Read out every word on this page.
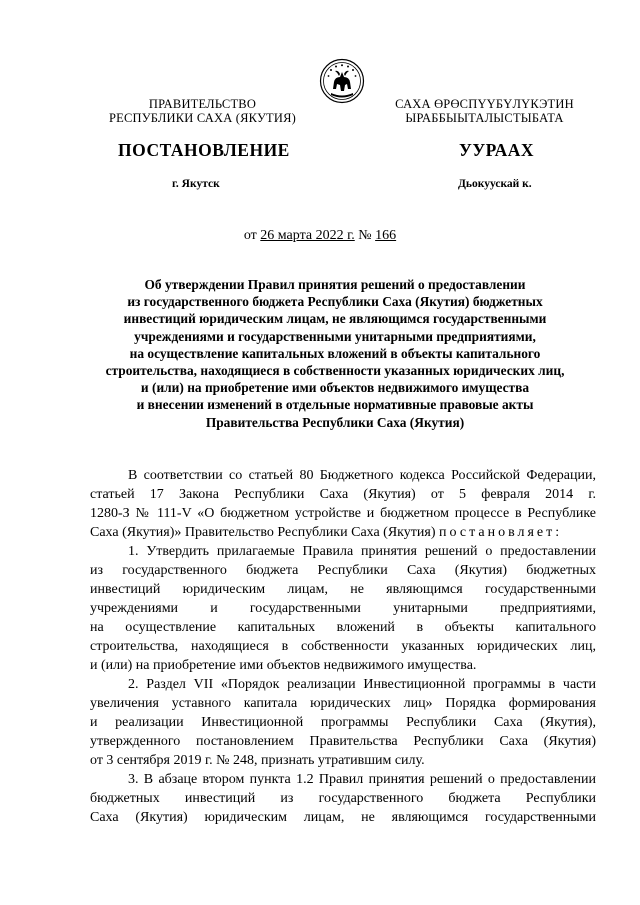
ПРАВИТЕЛЬСТВО
РЕСПУБЛИКИ САХА (ЯКУТИЯ)
САХА ӨРӨСПҮҮБҮЛҮКЭТИН
ЫРАББЫЫТАЛЫСТЫБАТА
ПОСТАНОВЛЕНИЕ	УУРААХ
г. Якутск	Дьокуускай к.
от 26 марта 2022 г. № 166
Об утверждении Правил принятия решений о предоставлении
из государственного бюджета Республики Саха (Якутия) бюджетных
инвестиций юридическим лицам, не являющимся государственными
учреждениями и государственными унитарными предприятиями,
на осуществление капитальных вложений в объекты капитального
строительства, находящиеся в собственности указанных юридических лиц,
и (или) на приобретение ими объектов недвижимого имущества
и внесении изменений в отдельные нормативные правовые акты
Правительства Республики Саха (Якутия)
В соответствии со статьей 80 Бюджетного кодекса Российской Федерации,
статьей 17 Закона Республики Саха (Якутия) от 5 февраля 2014 г.
1280-З № 111-V «О бюджетном устройстве и бюджетном процессе в Республике
Саха (Якутия)» Правительство Республики Саха (Якутия) постановляет:
1. Утвердить прилагаемые Правила принятия решений о предоставлении
из государственного бюджета Республики Саха (Якутия) бюджетных
инвестиций юридическим лицам, не являющимся государственными
учреждениями и государственными унитарными предприятиями,
на осуществление капитальных вложений в объекты капитального
строительства, находящиеся в собственности указанных юридических лиц,
и (или) на приобретение ими объектов недвижимого имущества.
2. Раздел VII «Порядок реализации Инвестиционной программы в части
увеличения уставного капитала юридических лиц» Порядка формирования
и реализации Инвестиционной программы Республики Саха (Якутия),
утвержденного постановлением Правительства Республики Саха (Якутия)
от 3 сентября 2019 г. № 248, признать утратившим силу.
3. В абзаце втором пункта 1.2 Правил принятия решений о предоставлении
бюджетных инвестиций из государственного бюджета Республики
Саха (Якутия) юридическим лицам, не являющимся государственными
